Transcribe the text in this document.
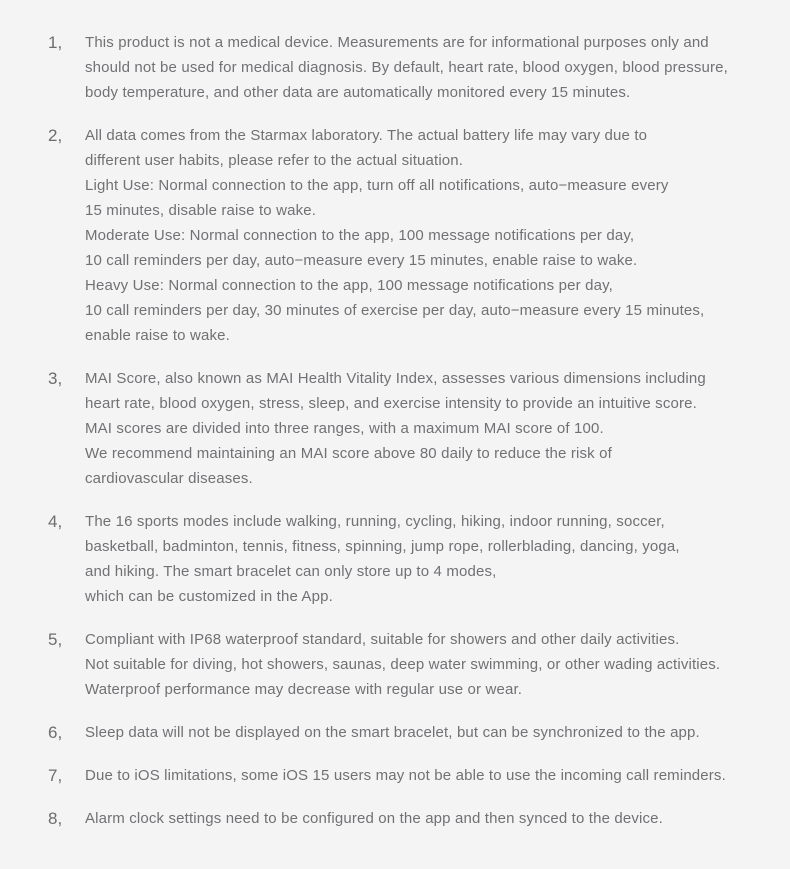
1,	This product is not a medical device. Measurements are for informational purposes only and
should not be used for medical diagnosis. By default, heart rate, blood oxygen, blood pressure,
body temperature, and other data are automatically monitored every 15 minutes.
2,	All data comes from the Starmax laboratory. The actual battery life may vary due to
different user habits, please refer to the actual situation.
Light Use: Normal connection to the app, turn off all notifications, auto−measure every
15 minutes, disable raise to wake.
Moderate Use: Normal connection to the app, 100 message notifications per day,
10 call reminders per day, auto−measure every 15 minutes, enable raise to wake.
Heavy Use: Normal connection to the app, 100 message notifications per day,
10 call reminders per day, 30 minutes of exercise per day, auto−measure every 15 minutes,
enable raise to wake.
3,	MAI Score, also known as MAI Health Vitality Index, assesses various dimensions including
heart rate, blood oxygen, stress, sleep, and exercise intensity to provide an intuitive score.
MAI scores are divided into three ranges, with a maximum MAI score of 100.
We recommend maintaining an MAI score above 80 daily to reduce the risk of
cardiovascular diseases.
4,	The 16 sports modes include walking, running, cycling, hiking, indoor running, soccer,
basketball, badminton, tennis, fitness, spinning, jump rope, rollerblading, dancing, yoga,
and hiking. The smart bracelet can only store up to 4 modes,
which can be customized in the App.
5,	Compliant with IP68 waterproof standard, suitable for showers and other daily activities.
Not suitable for diving, hot showers, saunas, deep water swimming, or other wading activities.
Waterproof performance may decrease with regular use or wear.
6,	Sleep data will not be displayed on the smart bracelet, but can be synchronized to the app.
7,	Due to iOS limitations, some iOS 15 users may not be able to use the incoming call reminders.
8,	Alarm clock settings need to be configured on the app and then synced to the device.
